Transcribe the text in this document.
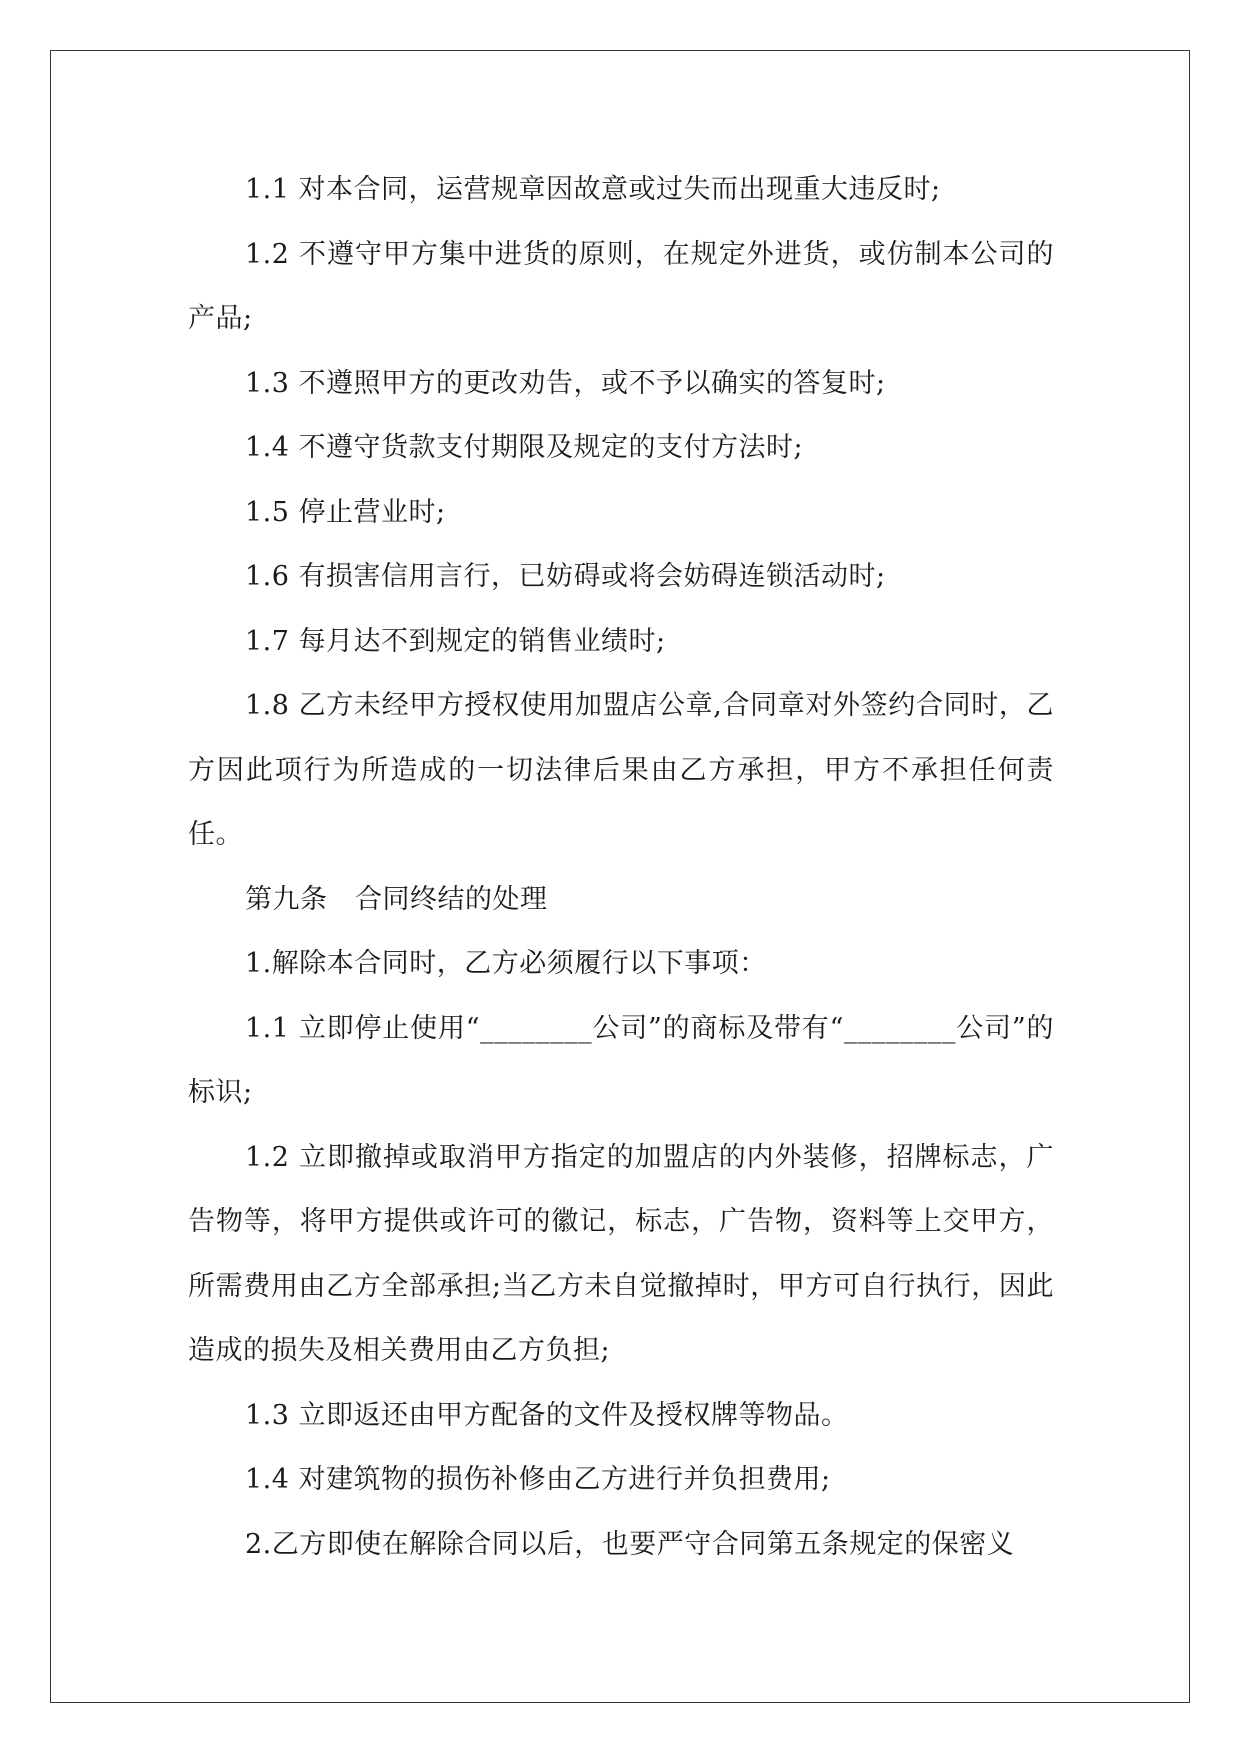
1.1 对本合同，运营规章因故意或过失而出现重大违反时;

1.2 不遵守甲方集中进货的原则，在规定外进货，或仿制本公司的产品;

1.3 不遵照甲方的更改劝告，或不予以确实的答复时;

1.4 不遵守货款支付期限及规定的支付方法时;

1.5 停止营业时;

1.6 有损害信用言行，已妨碍或将会妨碍连锁活动时;

1.7 每月达不到规定的销售业绩时;

1.8 乙方未经甲方授权使用加盟店公章,合同章对外签约合同时，乙方因此项行为所造成的一切法律后果由乙方承担，甲方不承担任何责任。

第九条　合同终结的处理

1.解除本合同时，乙方必须履行以下事项：

1.1 立即停止使用“________公司”的商标及带有“________公司”的标识;

1.2 立即撤掉或取消甲方指定的加盟店的内外装修，招牌标志，广告物等，将甲方提供或许可的徽记，标志，广告物，资料等上交甲方，所需费用由乙方全部承担;当乙方未自觉撤掉时，甲方可自行执行，因此造成的损失及相关费用由乙方负担;

1.3 立即返还由甲方配备的文件及授权牌等物品。

1.4 对建筑物的损伤补修由乙方进行并负担费用;

2.乙方即使在解除合同以后，也要严守合同第五条规定的保密义
